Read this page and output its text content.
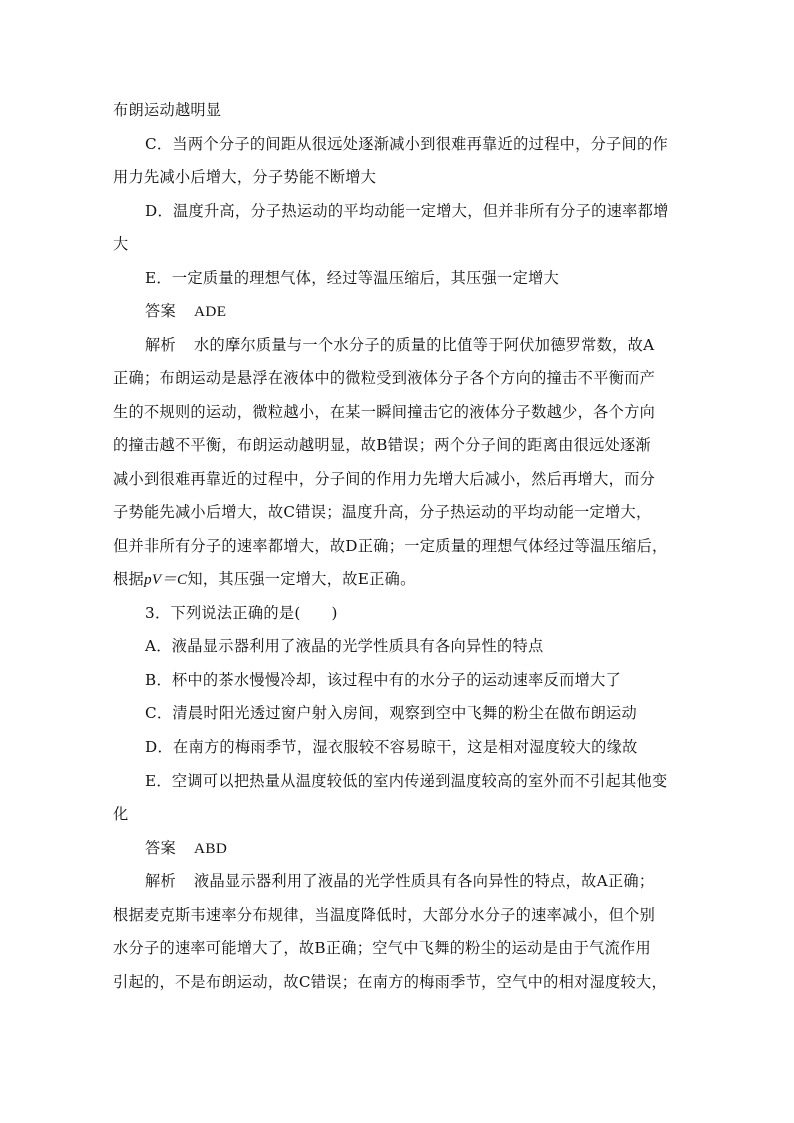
布朗运动越明显
C．当两个分子的间距从很远处逐渐减小到很难再靠近的过程中，分子间的作
用力先减小后增大，分子势能不断增大
D．温度升高，分子热运动的平均动能一定增大，但并非所有分子的速率都增
大
E．一定质量的理想气体，经过等温压缩后，其压强一定增大
答案 ADE
解析 水的摩尔质量与一个水分子的质量的比值等于阿伏加德罗常数，故A
正确；布朗运动是悬浮在液体中的微粒受到液体分子各个方向的撞击不平衡而产
生的不规则的运动，微粒越小，在某一瞬间撞击它的液体分子数越少，各个方向
的撞击越不平衡，布朗运动越明显，故B错误；两个分子间的距离由很远处逐渐
减小到很难再靠近的过程中，分子间的作用力先增大后减小，然后再增大，而分
子势能先减小后增大，故C错误；温度升高，分子热运动的平均动能一定增大，
但并非所有分子的速率都增大，故D正确；一定质量的理想气体经过等温压缩后，
根据pV＝C知，其压强一定增大，故E正确。
3．下列说法正确的是(　　)
A．液晶显示器利用了液晶的光学性质具有各向异性的特点
B．杯中的茶水慢慢冷却，该过程中有的水分子的运动速率反而增大了
C．清晨时阳光透过窗户射入房间，观察到空中飞舞的粉尘在做布朗运动
D．在南方的梅雨季节，湿衣服较不容易晾干，这是相对湿度较大的缘故
E．空调可以把热量从温度较低的室内传递到温度较高的室外而不引起其他变
化
答案 ABD
解析 液晶显示器利用了液晶的光学性质具有各向异性的特点，故A正确；
根据麦克斯韦速率分布规律，当温度降低时，大部分水分子的速率减小，但个别
水分子的速率可能增大了，故B正确；空气中飞舞的粉尘的运动是由于气流作用
引起的，不是布朗运动，故C错误；在南方的梅雨季节，空气中的相对湿度较大，
